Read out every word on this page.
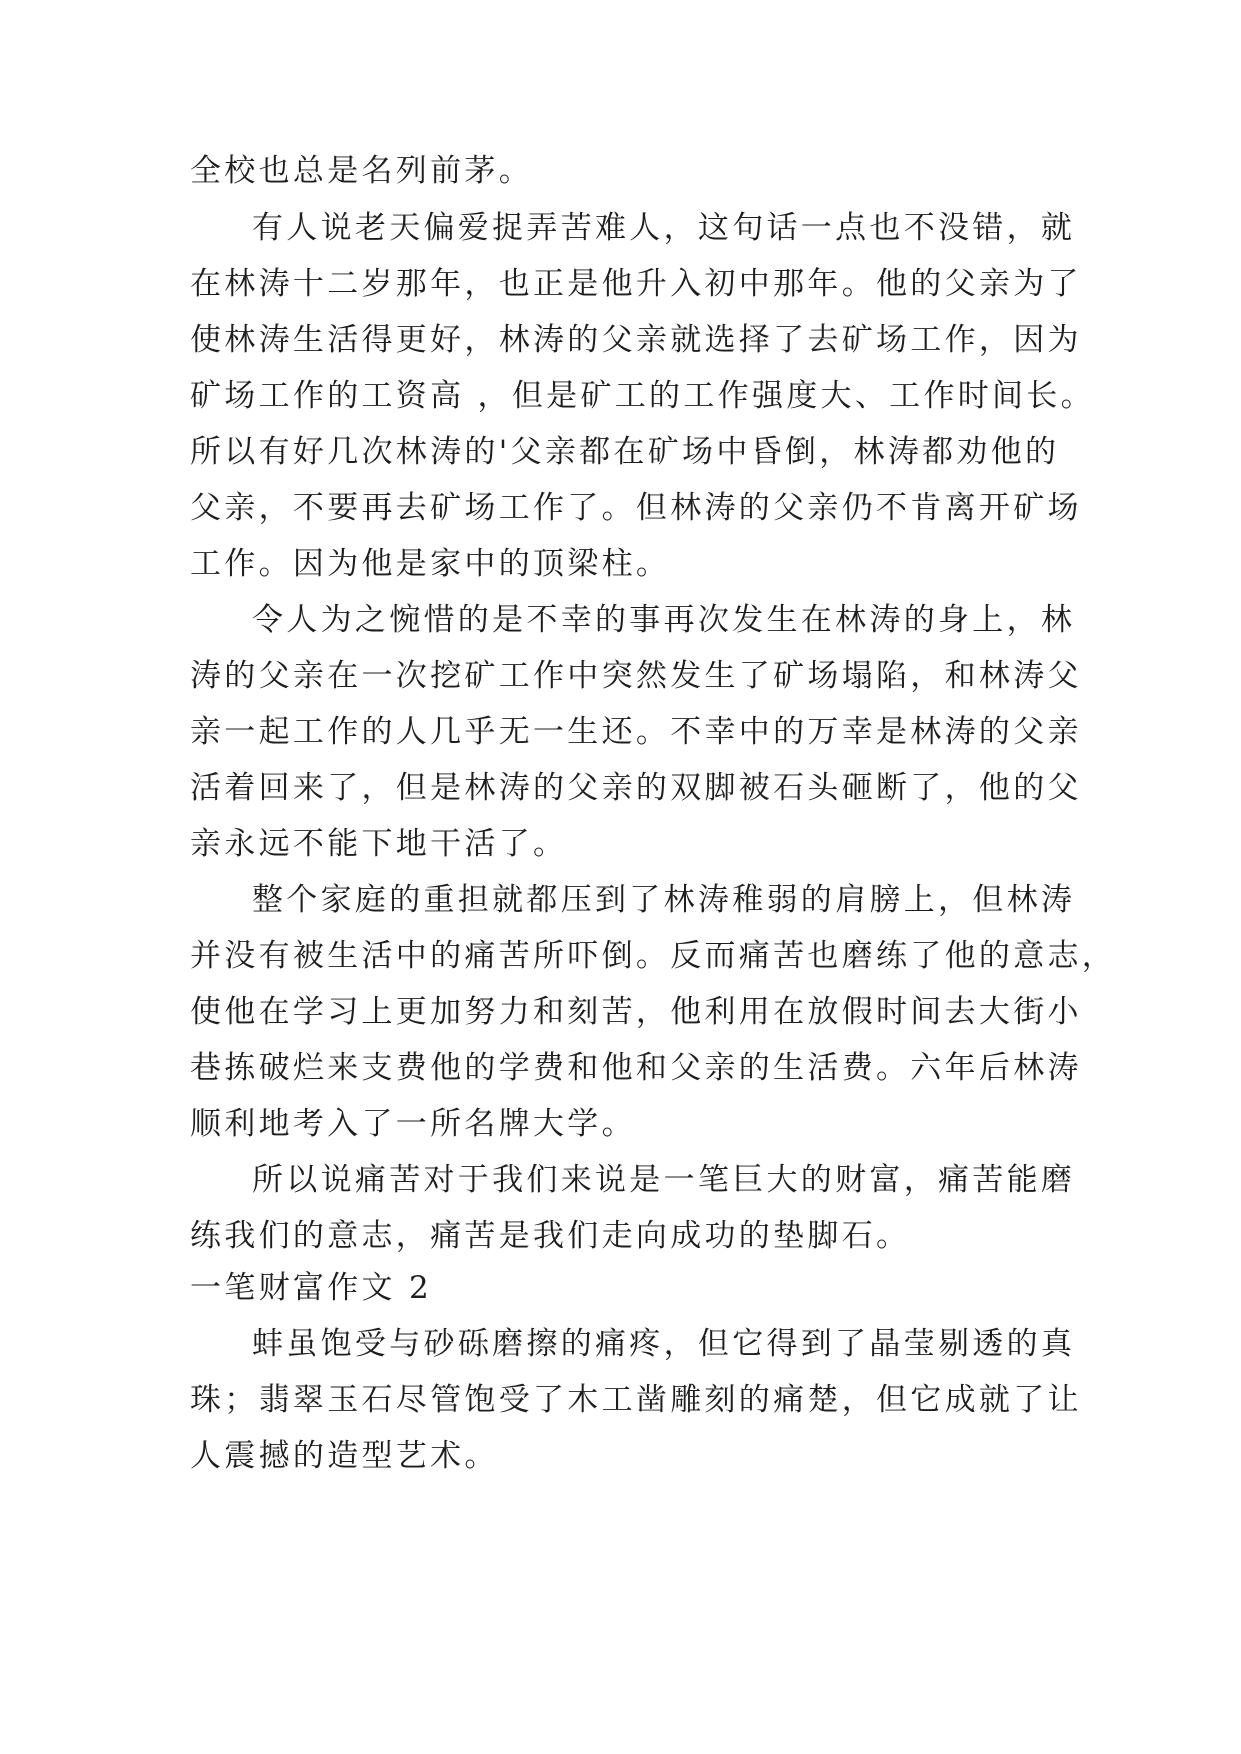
全校也总是名列前茅。
有人说老天偏爱捉弄苦难人，这句话一点也不没错，就
在林涛十二岁那年，也正是他升入初中那年。他的父亲为了
使林涛生活得更好，林涛的父亲就选择了去矿场工作，因为
矿场工作的工资高 ，但是矿工的工作强度大、工作时间长。
所以有好几次林涛的'父亲都在矿场中昏倒，林涛都劝他的
父亲，不要再去矿场工作了。但林涛的父亲仍不肯离开矿场
工作。因为他是家中的顶梁柱。
令人为之惋惜的是不幸的事再次发生在林涛的身上，林
涛的父亲在一次挖矿工作中突然发生了矿场塌陷，和林涛父
亲一起工作的人几乎无一生还。不幸中的万幸是林涛的父亲
活着回来了，但是林涛的父亲的双脚被石头砸断了，他的父
亲永远不能下地干活了。
整个家庭的重担就都压到了林涛稚弱的肩膀上，但林涛
并没有被生活中的痛苦所吓倒。反而痛苦也磨练了他的意志，
使他在学习上更加努力和刻苦，他利用在放假时间去大街小
巷拣破烂来支费他的学费和他和父亲的生活费。六年后林涛
顺利地考入了一所名牌大学。
所以说痛苦对于我们来说是一笔巨大的财富，痛苦能磨
练我们的意志，痛苦是我们走向成功的垫脚石。
一笔财富作文 2
蚌虽饱受与砂砾磨擦的痛疼，但它得到了晶莹剔透的真
珠；翡翠玉石尽管饱受了木工凿雕刻的痛楚，但它成就了让
人震撼的造型艺术。
